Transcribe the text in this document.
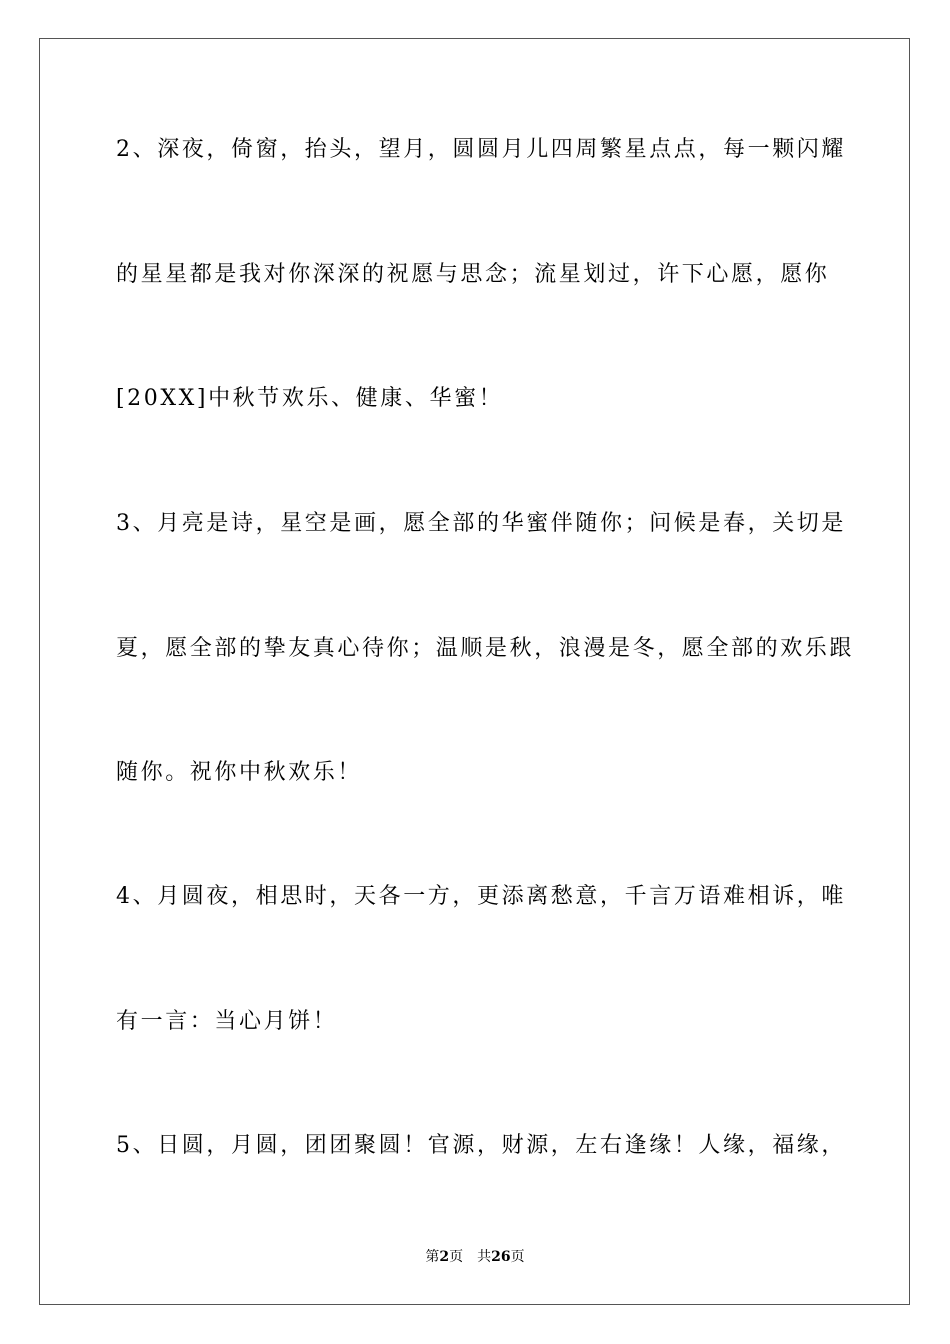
2、深夜，倚窗，抬头，望月，圆圆月儿四周繁星点点，每一颗闪耀
的星星都是我对你深深的祝愿与思念；流星划过，许下心愿，愿你
[20XX]中秋节欢乐、健康、华蜜！
3、月亮是诗，星空是画，愿全部的华蜜伴随你；问候是春，关切是
夏，愿全部的挚友真心待你；温顺是秋，浪漫是冬，愿全部的欢乐跟
随你。祝你中秋欢乐！
4、月圆夜，相思时，天各一方，更添离愁意，千言万语难相诉，唯
有一言：当心月饼！
5、日圆，月圆，团团聚圆！官源，财源，左右逢缘！人缘，福缘，
第2页 共26页
